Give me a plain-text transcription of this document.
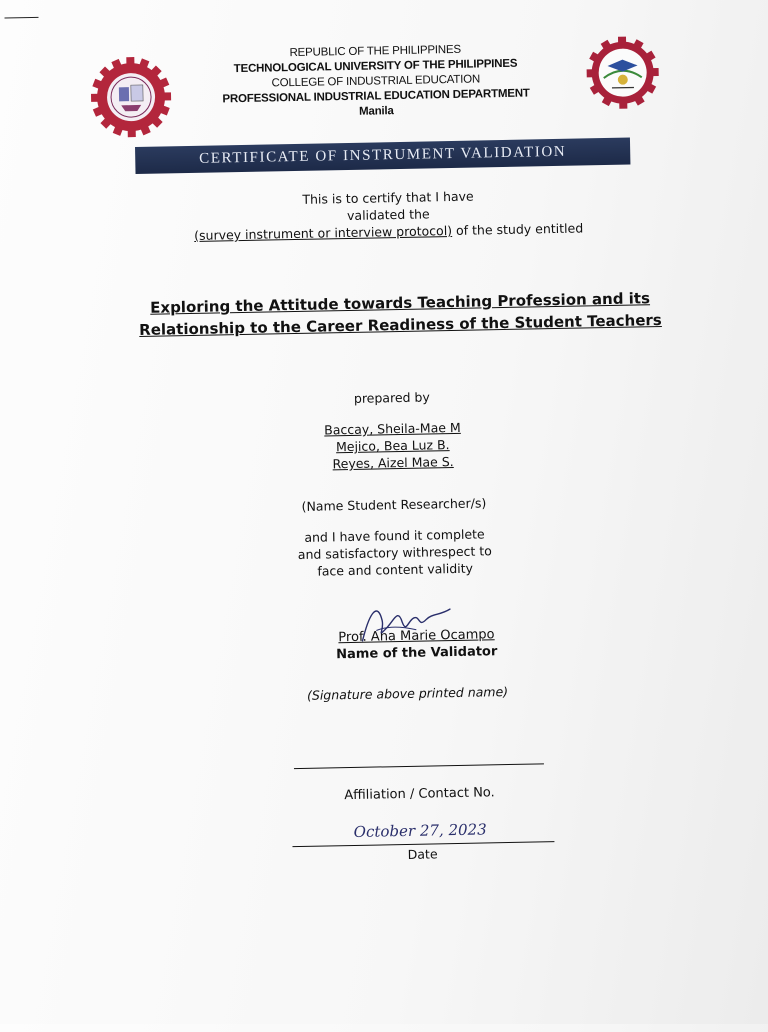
REPUBLIC OF THE PHILIPPINES
TECHNOLOGICAL UNIVERSITY OF THE PHILIPPINES
COLLEGE OF INDUSTRIAL EDUCATION
PROFESSIONAL INDUSTRIAL EDUCATION DEPARTMENT
Manila
CERTIFICATE OF INSTRUMENT VALIDATION
This is to certify that I have
validated the
(survey instrument or interview protocol) of the study entitled
Exploring the Attitude towards Teaching Profession and its
Relationship to the Career Readiness of the Student Teachers
prepared by
Baccay, Sheila-Mae M
Mejico, Bea Luz B.
Reyes, Aizel Mae S.
(Name Student Researcher/s)
and I have found it complete
and satisfactory withrespect to
face and content validity
Prof. Ana Marie Ocampo
Name of the Validator
(Signature above printed name)
Affiliation / Contact No.
October 27, 2023
Date
